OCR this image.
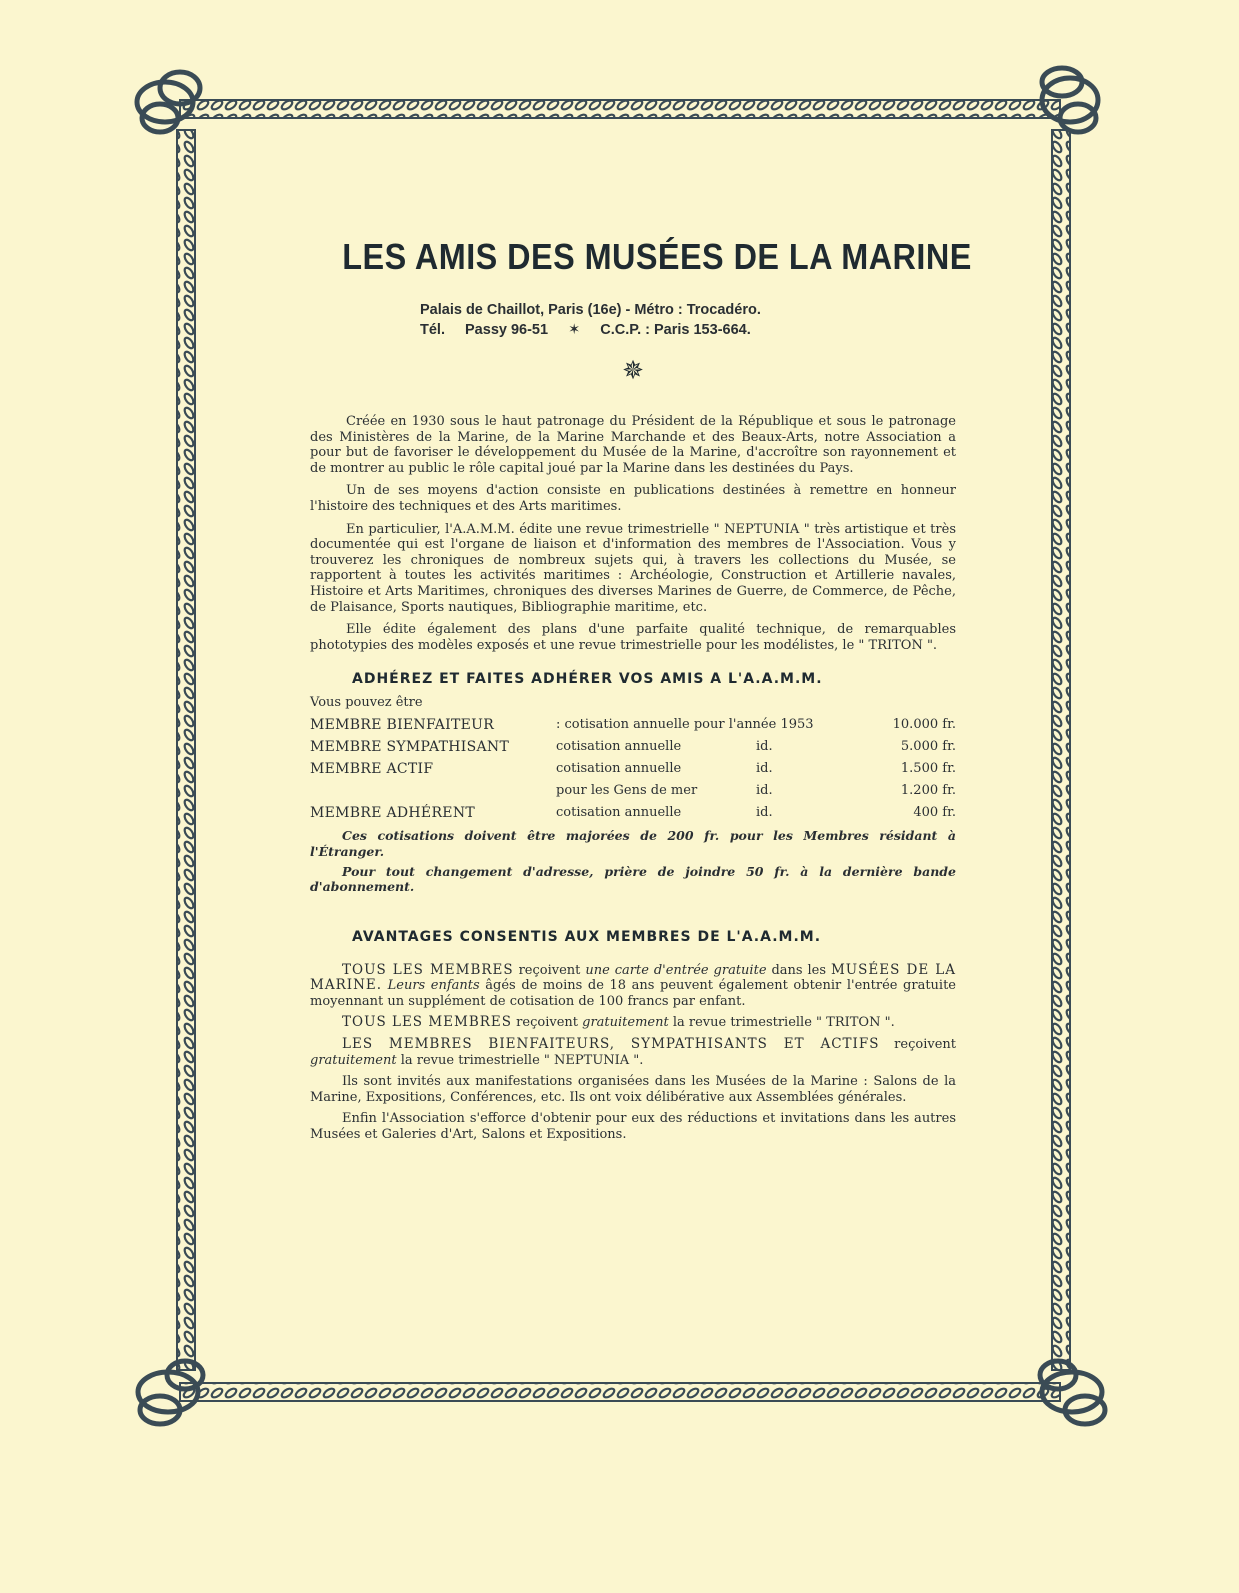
LES AMIS DES MUSÉES DE LA MARINE
Palais de Chaillot, Paris (16e) - Métro : Trocadéro.
Tél. Passy 96-51 ✶ C.C.P. : Paris 153-664.
✵

Créée en 1930 sous le haut patronage du Président de la République et sous le patronage des Ministères de la Marine, de la Marine Marchande et des Beaux-Arts, notre Association a pour but de favoriser le développement du Musée de la Marine, d'accroître son rayonnement et de montrer au public le rôle capital joué par la Marine dans les destinées du Pays.

Un de ses moyens d'action consiste en publications destinées à remettre en honneur l'histoire des techniques et des Arts maritimes.

En particulier, l'A.A.M.M. édite une revue trimestrielle " NEPTUNIA " très artistique et très documentée qui est l'organe de liaison et d'information des membres de l'Association. Vous y trouverez les chroniques de nombreux sujets qui, à travers les collections du Musée, se rapportent à toutes les activités maritimes : Archéologie, Construction et Artillerie navales, Histoire et Arts Maritimes, chroniques des diverses Marines de Guerre, de Commerce, de Pêche, de Plaisance, Sports nautiques, Bibliographie maritime, etc.

Elle édite également des plans d'une parfaite qualité technique, de remarquables phototypies des modèles exposés et une revue trimestrielle pour les modélistes, le " TRITON ".

ADHÉREZ ET FAITES ADHÉRER VOS AMIS A L'A.A.M.M.
Vous pouvez être
MEMBRE BIENFAITEUR	: cotisation annuelle pour l'année 1953		10.000 fr.
MEMBRE SYMPATHISANT	cotisation annuelle	id.	5.000 fr.
MEMBRE ACTIF	cotisation annuelle	id.	1.500 fr.
	pour les Gens de mer	id.	1.200 fr.
MEMBRE ADHÉRENT	cotisation annuelle	id.	400 fr.

Ces cotisations doivent être majorées de 200 fr. pour les Membres résidant à l'Étranger.

Pour tout changement d'adresse, prière de joindre 50 fr. à la dernière bande d'abonnement.

AVANTAGES CONSENTIS AUX MEMBRES DE L'A.A.M.M.

TOUS LES MEMBRES reçoivent une carte d'entrée gratuite dans les MUSÉES DE LA MARINE. Leurs enfants âgés de moins de 18 ans peuvent également obtenir l'entrée gratuite moyennant un supplément de cotisation de 100 francs par enfant.

TOUS LES MEMBRES reçoivent gratuitement la revue trimestrielle " TRITON ".

LES MEMBRES BIENFAITEURS, SYMPATHISANTS ET ACTIFS reçoivent gratuitement la revue trimestrielle " NEPTUNIA ".

Ils sont invités aux manifestations organisées dans les Musées de la Marine : Salons de la Marine, Expositions, Conférences, etc. Ils ont voix délibérative aux Assemblées générales.

Enfin l'Association s'efforce d'obtenir pour eux des réductions et invitations dans les autres Musées et Galeries d'Art, Salons et Expositions.
